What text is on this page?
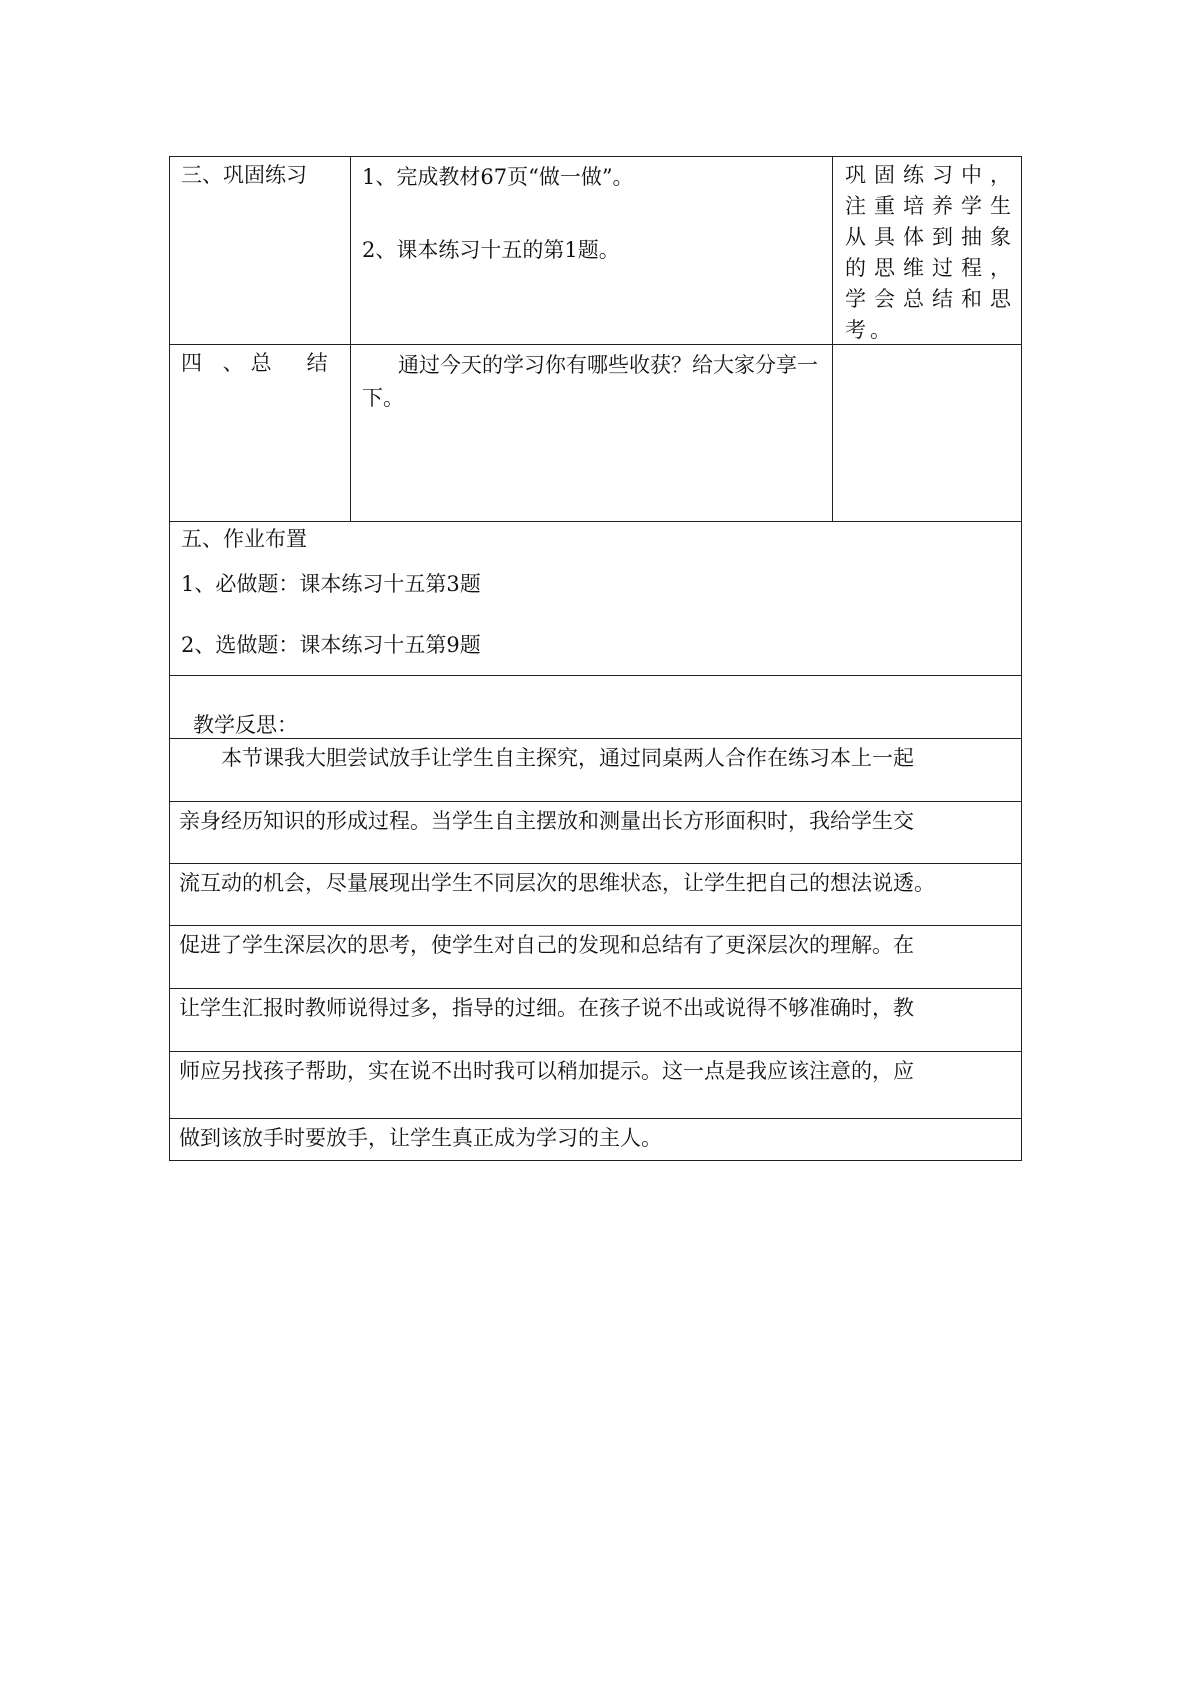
三、巩固练习	1、完成教材67页“做一做”。
2、课本练习十五的第1题。
巩固练习中，注重培养学生从具体到抽象的思维过程，学会总结和思考。
四 、总　结	通过今天的学习你有哪些收获？给大家分享一下。
五、作业布置
1、必做题：课本练习十五第3题
2、选做题：课本练习十五第9题
教学反思：
　　本节课我大胆尝试放手让学生自主探究，通过同桌两人合作在练习本上一起
亲身经历知识的形成过程。当学生自主摆放和测量出长方形面积时，我给学生交
流互动的机会，尽量展现出学生不同层次的思维状态，让学生把自己的想法说透。
促进了学生深层次的思考，使学生对自己的发现和总结有了更深层次的理解。在
让学生汇报时教师说得过多，指导的过细。在孩子说不出或说得不够准确时，教
师应另找孩子帮助，实在说不出时我可以稍加提示。这一点是我应该注意的，应
做到该放手时要放手，让学生真正成为学习的主人。
